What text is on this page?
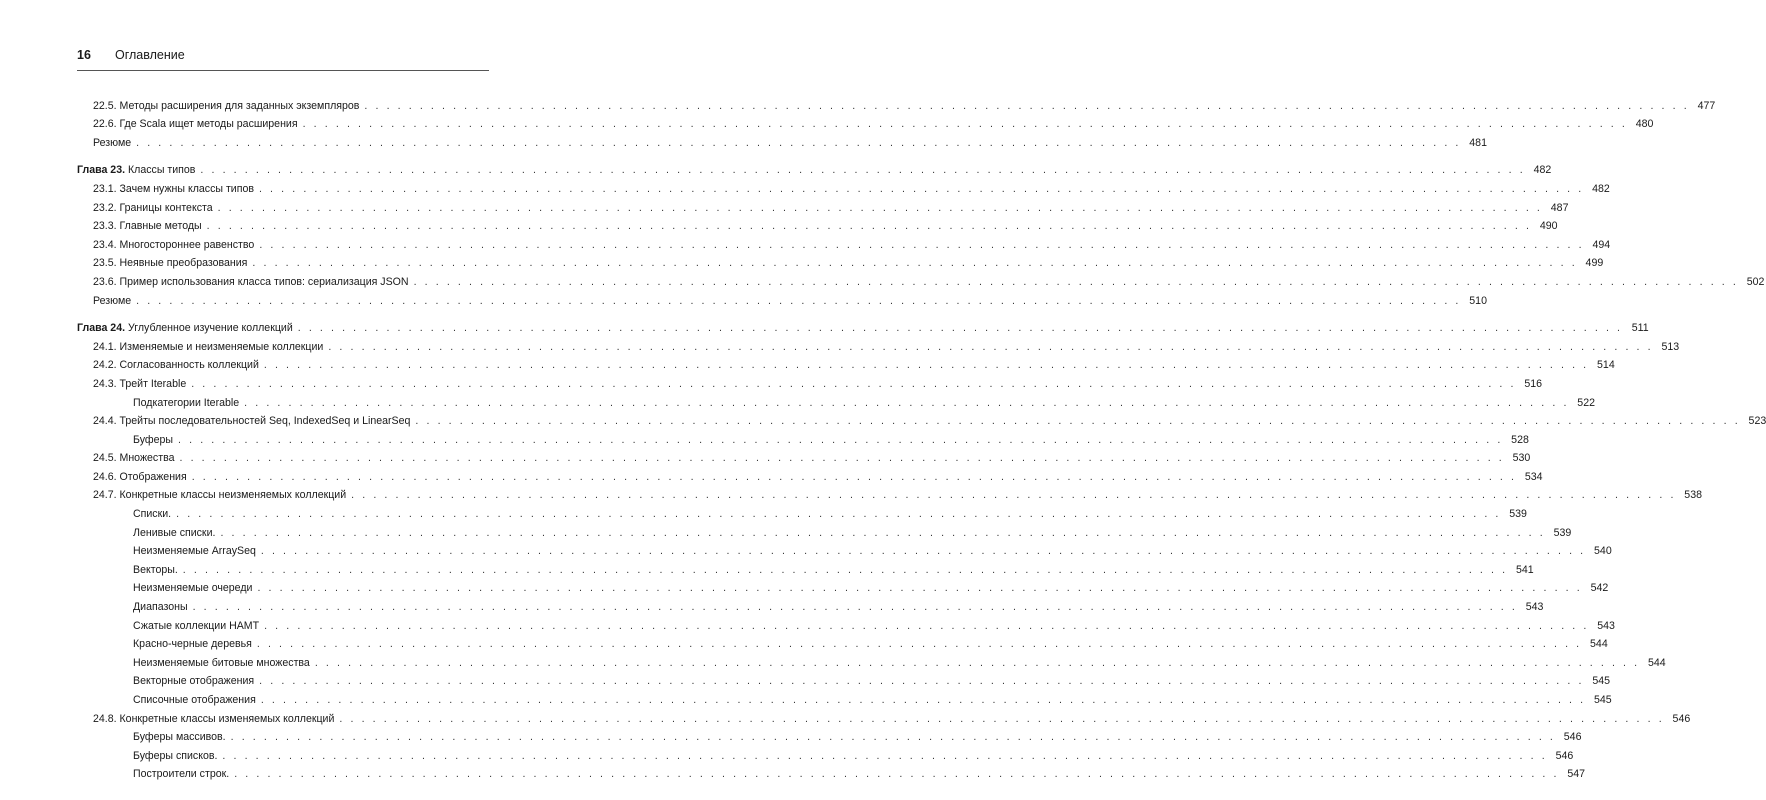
16	Оглавление
22.5. Методы расширения для заданных экземпляров . . . . . . . . . . . . . . . . . . . . . . . . . . . . . . . . . . . . . . . . . . . . . . . . . . . . . . . . . . . . . . . . . . . . . . . . . . . . . . . . . . . . . . . . . . . . . . . . . . . . . . . . . . . . . . . . . . . . . . . . 477
22.6. Где Scala ищет методы расширения . . . . . . . . . . . . . . . . . . . . . . . . . . . . . . . . . . . . . . . . . . . . . . . . . . . . . . . . . . . . . . . . . . . . . . . . . . . . . . . . . . . . . . . . . . . . . . . . . . . . . . . . . . . . . . . . . . . . . . . . 480
Резюме . . . . . . . . . . . . . . . . . . . . . . . . . . . . . . . . . . . . . . . . . . . . . . . . . . . . . . . . . . . . . . . . . . . . . . . . . . . . . . . . . . . . . . . . . . . . . . . . . . . . . . . . . . . . . . . . . . . . . . . . 481
Глава 23. Классы типов . . . . . . . . . . . . . . . . . . . . . . . . . . . . . . . . . . . . . . . . . . . . . . . . . . . . . . . . . . . . . . . . . . . . . . . . . . . . . . . . . . . . . . . . . . . . . . . . . . . . . . . . . . . . . . . . . . . . . . . . 482
23.1. Зачем нужны классы типов . . . . . . . . . . . . . . . . . . . . . . . . . . . . . . . . . . . . . . . . . . . . . . . . . . . . . . . . . . . . . . . . . . . . . . . . . . . . . . . . . . . . . . . . . . . . . . . . . . . . . . . . . . . . . . . . . . . . . . . . 482
23.2. Границы контекста . . . . . . . . . . . . . . . . . . . . . . . . . . . . . . . . . . . . . . . . . . . . . . . . . . . . . . . . . . . . . . . . . . . . . . . . . . . . . . . . . . . . . . . . . . . . . . . . . . . . . . . . . . . . . . . . . . . . . . . . 487
23.3. Главные методы . . . . . . . . . . . . . . . . . . . . . . . . . . . . . . . . . . . . . . . . . . . . . . . . . . . . . . . . . . . . . . . . . . . . . . . . . . . . . . . . . . . . . . . . . . . . . . . . . . . . . . . . . . . . . . . . . . . . . . . . 490
23.4. Многостороннее равенство . . . . . . . . . . . . . . . . . . . . . . . . . . . . . . . . . . . . . . . . . . . . . . . . . . . . . . . . . . . . . . . . . . . . . . . . . . . . . . . . . . . . . . . . . . . . . . . . . . . . . . . . . . . . . . . . . . . . . . . . 494
23.5. Неявные преобразования . . . . . . . . . . . . . . . . . . . . . . . . . . . . . . . . . . . . . . . . . . . . . . . . . . . . . . . . . . . . . . . . . . . . . . . . . . . . . . . . . . . . . . . . . . . . . . . . . . . . . . . . . . . . . . . . . . . . . . . . 499
23.6. Пример использования класса типов: сериализация JSON . . . . . . . . . . . . . . . . . . . . . . . . . . . . . . . . . . . . . . . . . . . . . . . . . . . . . . . . . . . . . . . . . . . . . . . . . . . . . . . . . . . . . . . . . . . . . . . . . . . . . . . . . . . . . . . . . . . . . . . . 502
Резюме . . . . . . . . . . . . . . . . . . . . . . . . . . . . . . . . . . . . . . . . . . . . . . . . . . . . . . . . . . . . . . . . . . . . . . . . . . . . . . . . . . . . . . . . . . . . . . . . . . . . . . . . . . . . . . . . . . . . . . . . 510
Глава 24. Углубленное изучение коллекций . . . . . . . . . . . . . . . . . . . . . . . . . . . . . . . . . . . . . . . . . . . . . . . . . . . . . . . . . . . . . . . . . . . . . . . . . . . . . . . . . . . . . . . . . . . . . . . . . . . . . . . . . . . . . . . . . . . . . . . . 511
24.1. Изменяемые и неизменяемые коллекции . . . . . . . . . . . . . . . . . . . . . . . . . . . . . . . . . . . . . . . . . . . . . . . . . . . . . . . . . . . . . . . . . . . . . . . . . . . . . . . . . . . . . . . . . . . . . . . . . . . . . . . . . . . . . . . . . . . . . . . . 513
24.2. Согласованность коллекций . . . . . . . . . . . . . . . . . . . . . . . . . . . . . . . . . . . . . . . . . . . . . . . . . . . . . . . . . . . . . . . . . . . . . . . . . . . . . . . . . . . . . . . . . . . . . . . . . . . . . . . . . . . . . . . . . . . . . . . . 514
24.3. Трейт Iterable . . . . . . . . . . . . . . . . . . . . . . . . . . . . . . . . . . . . . . . . . . . . . . . . . . . . . . . . . . . . . . . . . . . . . . . . . . . . . . . . . . . . . . . . . . . . . . . . . . . . . . . . . . . . . . . . . . . . . . . . 516
Подкатегории Iterable . . . . . . . . . . . . . . . . . . . . . . . . . . . . . . . . . . . . . . . . . . . . . . . . . . . . . . . . . . . . . . . . . . . . . . . . . . . . . . . . . . . . . . . . . . . . . . . . . . . . . . . . . . . . . . . . . . . . . . . . 522
24.4. Трейты последовательностей Seq, IndexedSeq и LinearSeq . . . . . . . . . . . . . . . . . . . . . . . . . . . . . . . . . . . . . . . . . . . . . . . . . . . . . . . . . . . . . . . . . . . . . . . . . . . . . . . . . . . . . . . . . . . . . . . . . . . . . . . . . . . . . . . . . . . . . . . . 523
Буферы . . . . . . . . . . . . . . . . . . . . . . . . . . . . . . . . . . . . . . . . . . . . . . . . . . . . . . . . . . . . . . . . . . . . . . . . . . . . . . . . . . . . . . . . . . . . . . . . . . . . . . . . . . . . . . . . . . . . . . . . 528
24.5. Множества . . . . . . . . . . . . . . . . . . . . . . . . . . . . . . . . . . . . . . . . . . . . . . . . . . . . . . . . . . . . . . . . . . . . . . . . . . . . . . . . . . . . . . . . . . . . . . . . . . . . . . . . . . . . . . . . . . . . . . . . 530
24.6. Отображения . . . . . . . . . . . . . . . . . . . . . . . . . . . . . . . . . . . . . . . . . . . . . . . . . . . . . . . . . . . . . . . . . . . . . . . . . . . . . . . . . . . . . . . . . . . . . . . . . . . . . . . . . . . . . . . . . . . . . . . . 534
24.7. Конкретные классы неизменяемых коллекций . . . . . . . . . . . . . . . . . . . . . . . . . . . . . . . . . . . . . . . . . . . . . . . . . . . . . . . . . . . . . . . . . . . . . . . . . . . . . . . . . . . . . . . . . . . . . . . . . . . . . . . . . . . . . . . . . . . . . . . . 538
Списки. . . . . . . . . . . . . . . . . . . . . . . . . . . . . . . . . . . . . . . . . . . . . . . . . . . . . . . . . . . . . . . . . . . . . . . . . . . . . . . . . . . . . . . . . . . . . . . . . . . . . . . . . . . . . . . . . . . . . . . . . 539
Ленивые списки. . . . . . . . . . . . . . . . . . . . . . . . . . . . . . . . . . . . . . . . . . . . . . . . . . . . . . . . . . . . . . . . . . . . . . . . . . . . . . . . . . . . . . . . . . . . . . . . . . . . . . . . . . . . . . . . . . . . . . . . . 539
Неизменяемые ArraySeq . . . . . . . . . . . . . . . . . . . . . . . . . . . . . . . . . . . . . . . . . . . . . . . . . . . . . . . . . . . . . . . . . . . . . . . . . . . . . . . . . . . . . . . . . . . . . . . . . . . . . . . . . . . . . . . . . . . . . . . . 540
Векторы. . . . . . . . . . . . . . . . . . . . . . . . . . . . . . . . . . . . . . . . . . . . . . . . . . . . . . . . . . . . . . . . . . . . . . . . . . . . . . . . . . . . . . . . . . . . . . . . . . . . . . . . . . . . . . . . . . . . . . . . . 541
Неизменяемые очереди . . . . . . . . . . . . . . . . . . . . . . . . . . . . . . . . . . . . . . . . . . . . . . . . . . . . . . . . . . . . . . . . . . . . . . . . . . . . . . . . . . . . . . . . . . . . . . . . . . . . . . . . . . . . . . . . . . . . . . . . 542
Диапазоны . . . . . . . . . . . . . . . . . . . . . . . . . . . . . . . . . . . . . . . . . . . . . . . . . . . . . . . . . . . . . . . . . . . . . . . . . . . . . . . . . . . . . . . . . . . . . . . . . . . . . . . . . . . . . . . . . . . . . . . . 543
Сжатые коллекции HAMT . . . . . . . . . . . . . . . . . . . . . . . . . . . . . . . . . . . . . . . . . . . . . . . . . . . . . . . . . . . . . . . . . . . . . . . . . . . . . . . . . . . . . . . . . . . . . . . . . . . . . . . . . . . . . . . . . . . . . . . . 543
Красно-черные деревья . . . . . . . . . . . . . . . . . . . . . . . . . . . . . . . . . . . . . . . . . . . . . . . . . . . . . . . . . . . . . . . . . . . . . . . . . . . . . . . . . . . . . . . . . . . . . . . . . . . . . . . . . . . . . . . . . . . . . . . . 544
Неизменяемые битовые множества . . . . . . . . . . . . . . . . . . . . . . . . . . . . . . . . . . . . . . . . . . . . . . . . . . . . . . . . . . . . . . . . . . . . . . . . . . . . . . . . . . . . . . . . . . . . . . . . . . . . . . . . . . . . . . . . . . . . . . . . 544
Векторные отображения . . . . . . . . . . . . . . . . . . . . . . . . . . . . . . . . . . . . . . . . . . . . . . . . . . . . . . . . . . . . . . . . . . . . . . . . . . . . . . . . . . . . . . . . . . . . . . . . . . . . . . . . . . . . . . . . . . . . . . . . 545
Списочные отображения . . . . . . . . . . . . . . . . . . . . . . . . . . . . . . . . . . . . . . . . . . . . . . . . . . . . . . . . . . . . . . . . . . . . . . . . . . . . . . . . . . . . . . . . . . . . . . . . . . . . . . . . . . . . . . . . . . . . . . . . 545
24.8. Конкретные классы изменяемых коллекций . . . . . . . . . . . . . . . . . . . . . . . . . . . . . . . . . . . . . . . . . . . . . . . . . . . . . . . . . . . . . . . . . . . . . . . . . . . . . . . . . . . . . . . . . . . . . . . . . . . . . . . . . . . . . . . . . . . . . . . . 546
Буферы массивов. . . . . . . . . . . . . . . . . . . . . . . . . . . . . . . . . . . . . . . . . . . . . . . . . . . . . . . . . . . . . . . . . . . . . . . . . . . . . . . . . . . . . . . . . . . . . . . . . . . . . . . . . . . . . . . . . . . . . . . . . 546
Буферы списков. . . . . . . . . . . . . . . . . . . . . . . . . . . . . . . . . . . . . . . . . . . . . . . . . . . . . . . . . . . . . . . . . . . . . . . . . . . . . . . . . . . . . . . . . . . . . . . . . . . . . . . . . . . . . . . . . . . . . . . . . 546
Построители строк. . . . . . . . . . . . . . . . . . . . . . . . . . . . . . . . . . . . . . . . . . . . . . . . . . . . . . . . . . . . . . . . . . . . . . . . . . . . . . . . . . . . . . . . . . . . . . . . . . . . . . . . . . . . . . . . . . . . . . . . . 547
